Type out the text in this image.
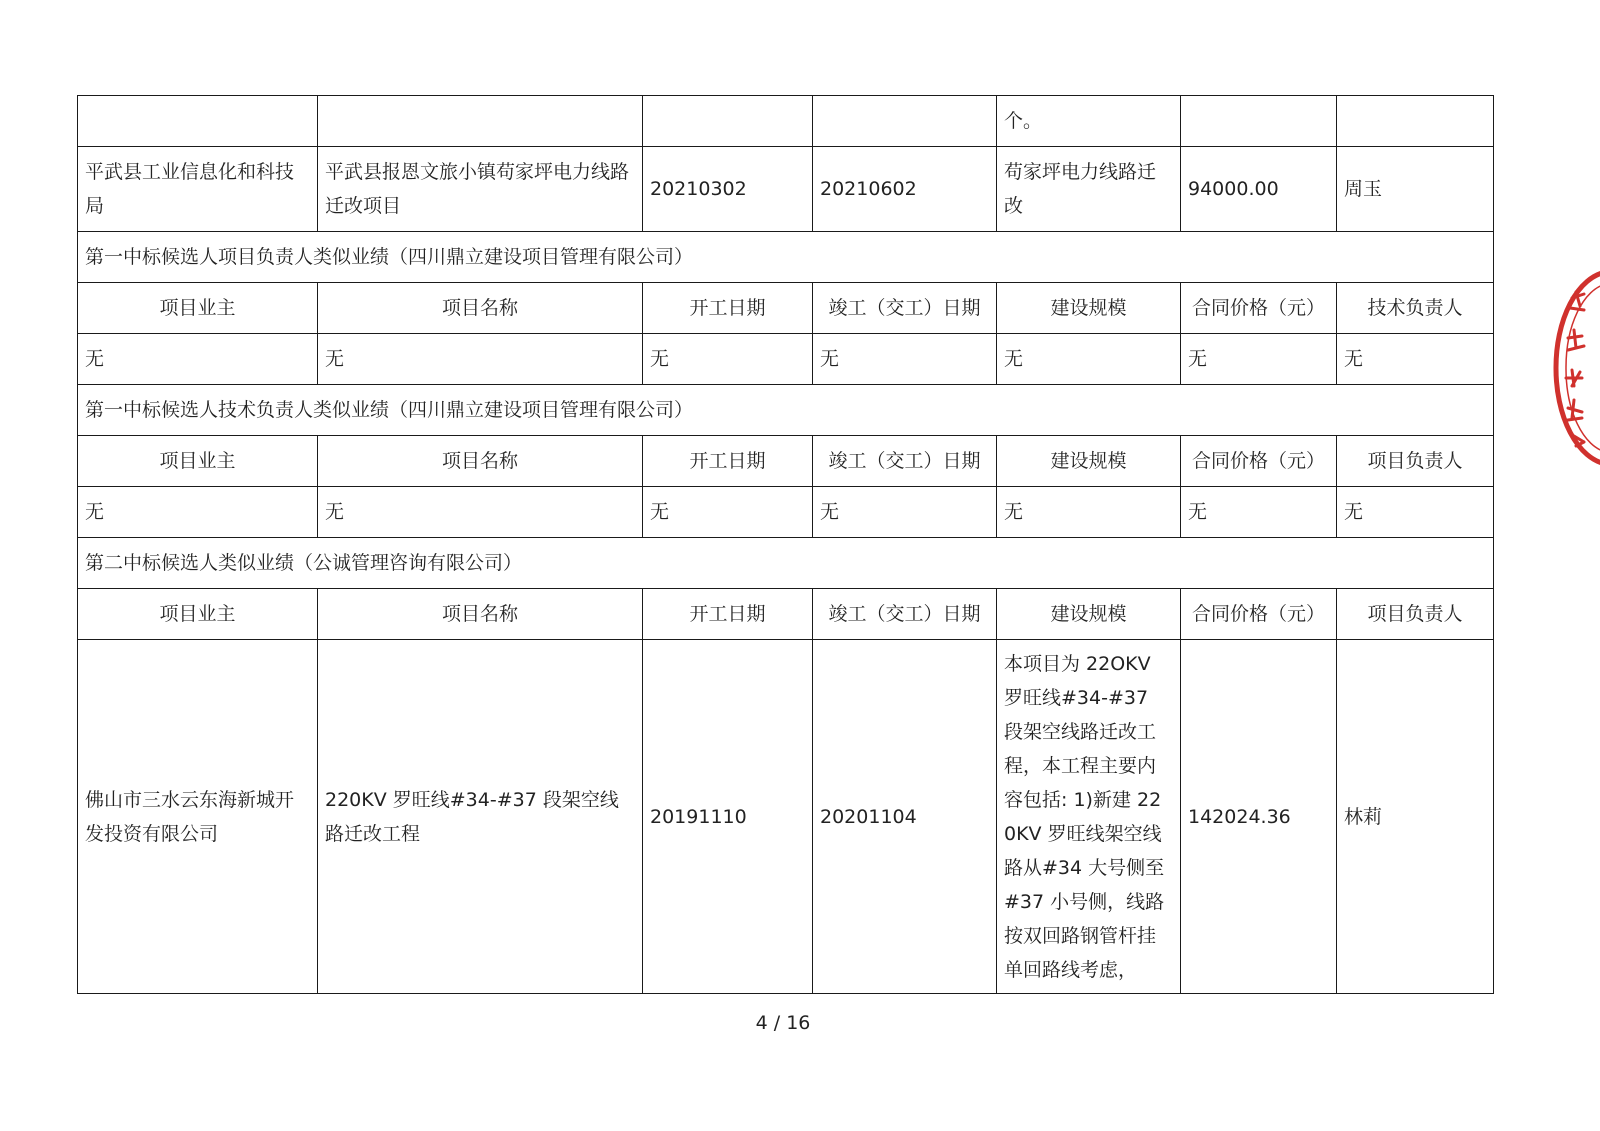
				个。		
平武县工业信息化和科技局	平武县报恩文旅小镇苟家坪电力线路迁改项目	20210302	20210602	苟家坪电力线路迁改	94000.00	周玉
第一中标候选人项目负责人类似业绩（四川鼎立建设项目管理有限公司）						
项目业主	项目名称	开工日期	竣工（交工）日期	建设规模	合同价格（元）	技术负责人
无	无	无	无	无	无	无
第一中标候选人技术负责人类似业绩（四川鼎立建设项目管理有限公司）						
项目业主	项目名称	开工日期	竣工（交工）日期	建设规模	合同价格（元）	项目负责人
无	无	无	无	无	无	无
第二中标候选人类似业绩（公诚管理咨询有限公司）						
项目业主	项目名称	开工日期	竣工（交工）日期	建设规模	合同价格（元）	项目负责人
佛山市三水云东海新城开发投资有限公司	220KV 罗旺线#34-#37 段架空线路迁改工程	20191110	20201104	本项目为 22OKV 罗旺线#34-#37 段架空线路迁改工程，本工程主要内容包括: 1)新建 220KV 罗旺线架空线路从#34 大号侧至#37 小号侧，线路按双回路钢管杆挂单回路线考虑，	142024.36	林莉
4 / 16
